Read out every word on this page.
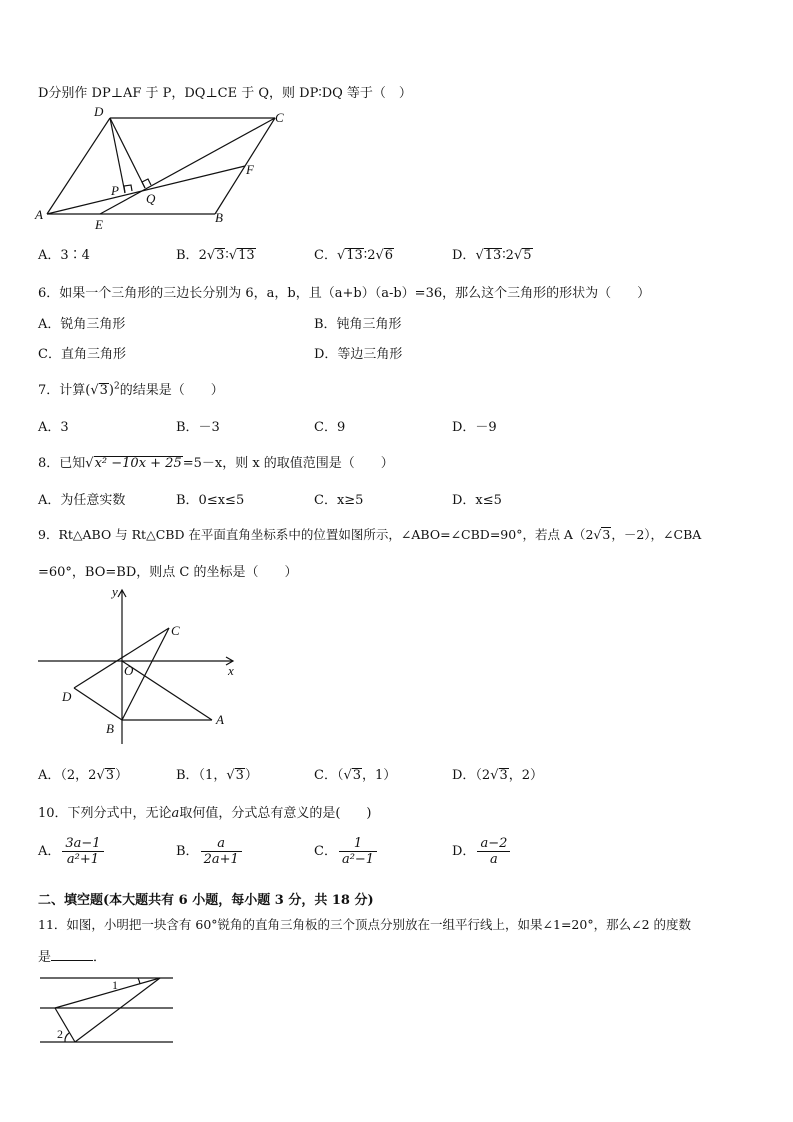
D分别作 DP⊥AF 于 P，DQ⊥CE 于 Q，则 DP∶DQ 等于（　）
D	C
F
P
Q
A
E	B
A．3∶4	B．2√3∶√13	C．√13∶2√6	D．√13∶2√5
6．如果一个三角形的三边长分别为 6，a，b，且（a+b）（a-b）=36，那么这个三角形的形状为（　　）
A．锐角三角形	B．钝角三角形
C．直角三角形	D．等边三角形
7．计算$(√3)^2$的结果是（　　）
A．3	B．－3	C．9	D．－9
8．已知√x² −10x + 25=5－x，则 x 的取值范围是（　　）
A．为任意实数	B．0≤x≤5	C．x≥5	D．x≤5
9．Rt△ABO 与 Rt△CBD 在平面直角坐标系中的位置如图所示，∠ABO=∠CBD=90°，若点 A（2√3，－2），∠CBA
=60°，BO=BD，则点 C 的坐标是（　　）
y
x
O
C
D
B
A
A．（2，2√3）	B．（1，√3）	C．（√3，1）	D．（2√3，2）
10．下列分式中，无论a取何值，分式总有意义的是(　　)
A． $\frac{3a-1}{\text{a²+1}}$	B． $\frac{a}{2a+1}$	C． $\frac{1}{\text{a²−1}}$	D． $\frac{a-2}{a}$
二、填空题(本大题共有 6 小题，每小题 3 分，共 18 分)
11．如图，小明把一块含有 60°锐角的直角三角板的三个顶点分别放在一组平行线上，如果∠1=20°，那么∠2 的度数
是	．
1
2
